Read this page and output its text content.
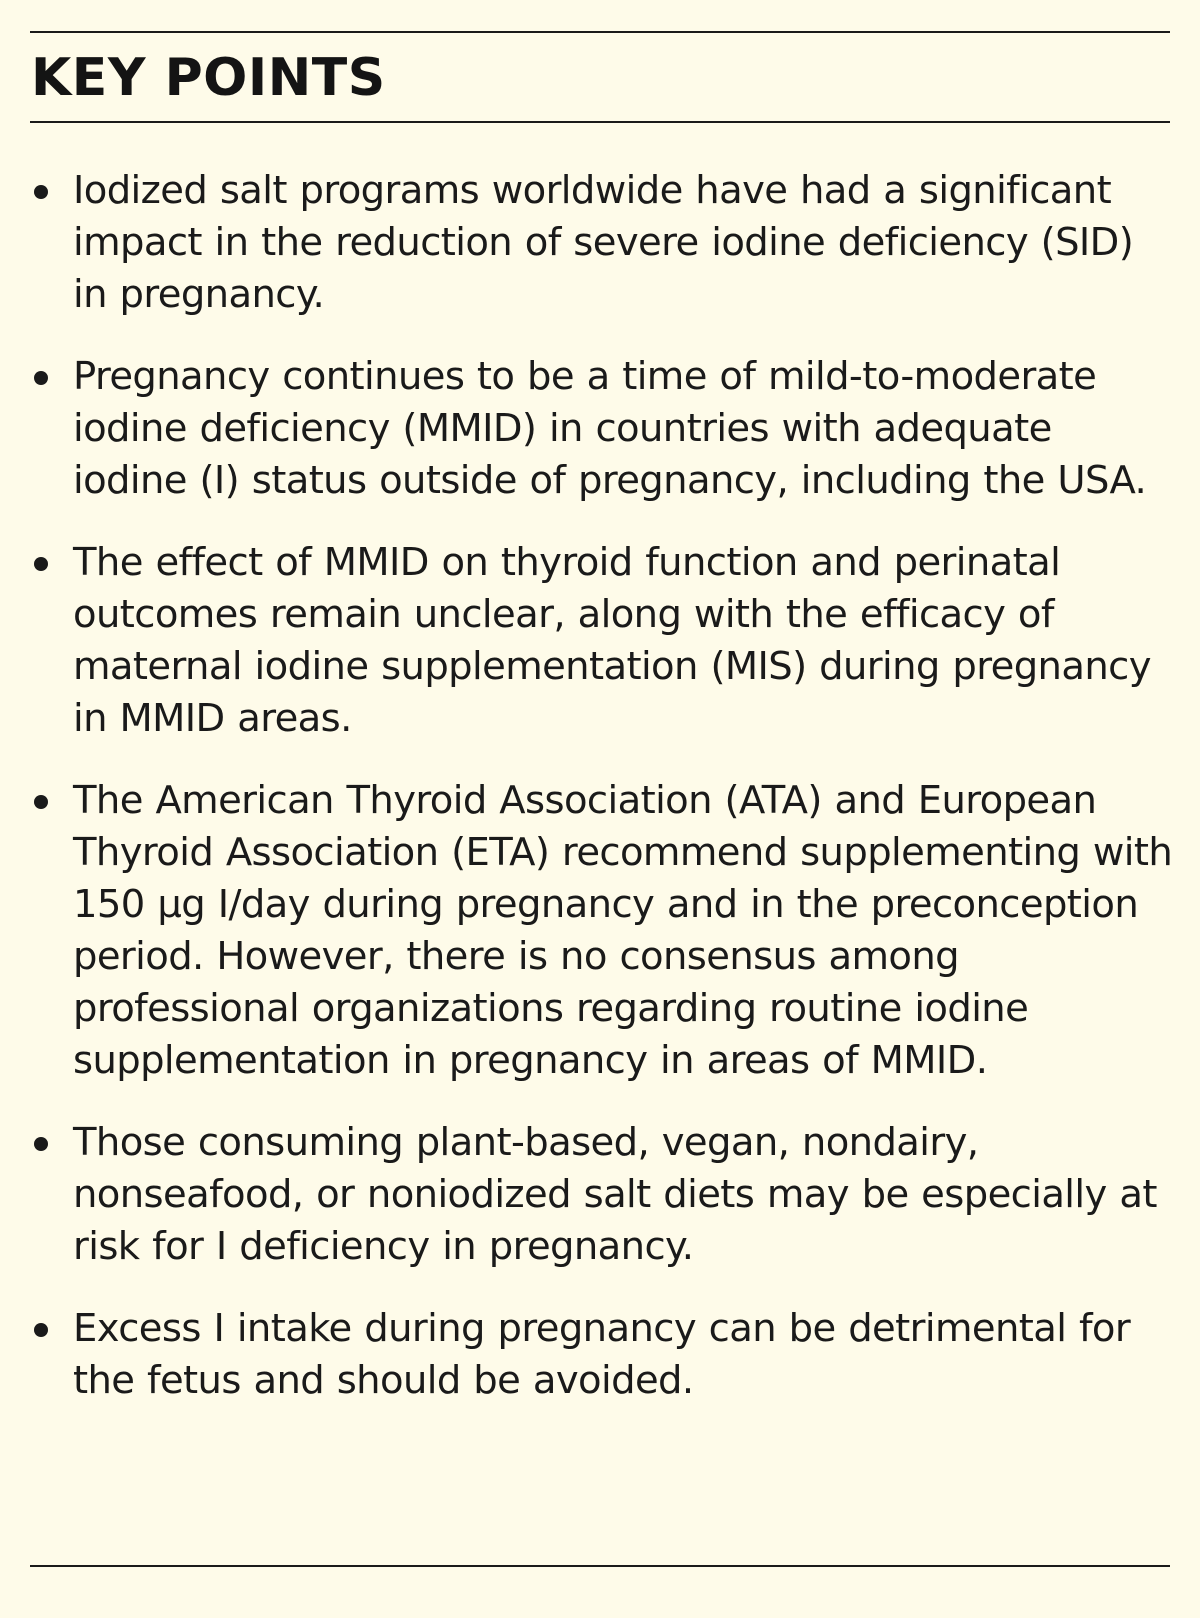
KEY POINTS
Iodized salt programs worldwide have had a significant impact in the reduction of severe iodine deficiency (SID) in pregnancy.
Pregnancy continues to be a time of mild-to-moderate iodine deficiency (MMID) in countries with adequate iodine (I) status outside of pregnancy, including the USA.
The effect of MMID on thyroid function and perinatal outcomes remain unclear, along with the efficacy of maternal iodine supplementation (MIS) during pregnancy in MMID areas.
The American Thyroid Association (ATA) and European Thyroid Association (ETA) recommend supplementing with 150 μg I/day during pregnancy and in the preconception period. However, there is no consensus among professional organizations regarding routine iodine supplementation in pregnancy in areas of MMID.
Those consuming plant-based, vegan, nondairy, nonseafood, or noniodized salt diets may be especially at risk for I deficiency in pregnancy.
Excess I intake during pregnancy can be detrimental for the fetus and should be avoided.
